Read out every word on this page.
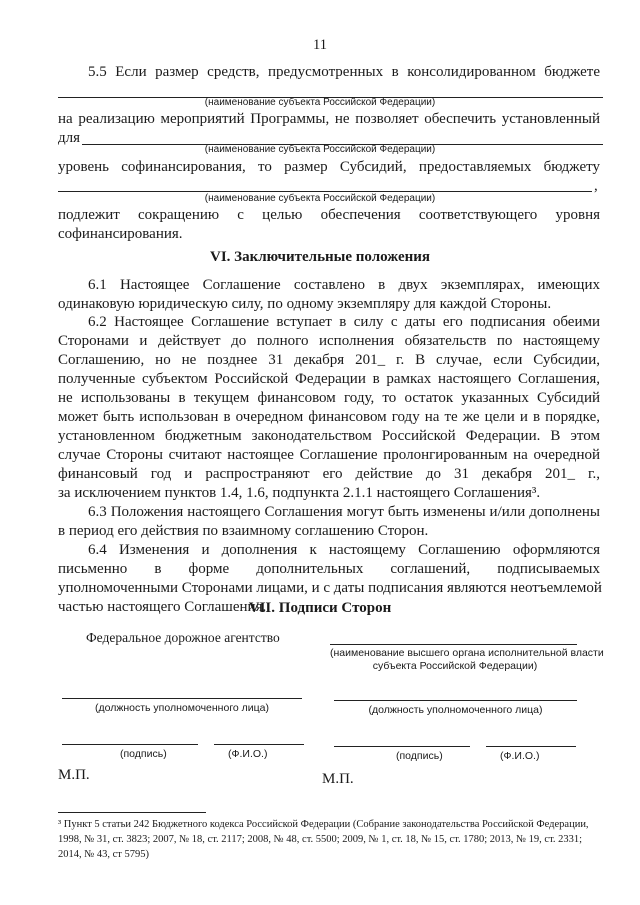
11
5.5 Если размер средств, предусмотренных в консолидированном бюджете
(наименование субъекта Российской Федерации)
на реализацию мероприятий Программы, не позволяет обеспечить установленный
для
(наименование субъекта Российской Федерации)
уровень софинансирования, то размер Субсидий, предоставляемых бюджету
,
(наименование субъекта Российской Федерации)
подлежит сокращению с целью обеспечения соответствующего уровня
софинансирования.
VI. Заключительные положения
6.1 Настоящее Соглашение составлено в двух экземплярах, имеющих
одинаковую юридическую силу, по одному экземпляру для каждой Стороны.
6.2 Настоящее Соглашение вступает в силу с даты его подписания обеими
Сторонами и действует до полного исполнения обязательств по настоящему
Соглашению, но не позднее 31 декабря 201_ г. В случае, если Субсидии,
полученные субъектом Российской Федерации в рамках настоящего Соглашения,
не использованы в текущем финансовом году, то остаток указанных Субсидий
может быть использован в очередном финансовом году на те же цели и в порядке,
установленном бюджетным законодательством Российской Федерации. В этом
случае Стороны считают настоящее Соглашение пролонгированным на очередной
финансовый год и распространяют его действие до 31 декабря 201_ г.,
за исключением пунктов 1.4, 1.6, подпункта 2.1.1 настоящего Соглашения³.
6.3 Положения настоящего Соглашения могут быть изменены и/или дополнены
в период его действия по взаимному соглашению Сторон.
6.4 Изменения и дополнения к настоящему Соглашению оформляются
письменно в форме дополнительных соглашений, подписываемых
уполномоченными Сторонами лицами, и с даты подписания являются неотъемлемой
частью настоящего Соглашения.
VII. Подписи Сторон
Федеральное дорожное агентство
(наименование высшего органа исполнительной власти
субъекта Российской Федерации)
(должность уполномоченного лица)	(должность уполномоченного лица)
(подпись)	(Ф.И.О.)	(подпись)	(Ф.И.О.)
М.П.	М.П.
³ Пункт 5 статьи 242 Бюджетного кодекса Российской Федерации (Собрание законодательства Российской Федерации,
1998, № 31, ст. 3823; 2007, № 18, ст. 2117; 2008, № 48, ст. 5500; 2009, № 1, ст. 18, № 15, ст. 1780; 2013, № 19, ст. 2331;
2014, № 43, ст 5795)
